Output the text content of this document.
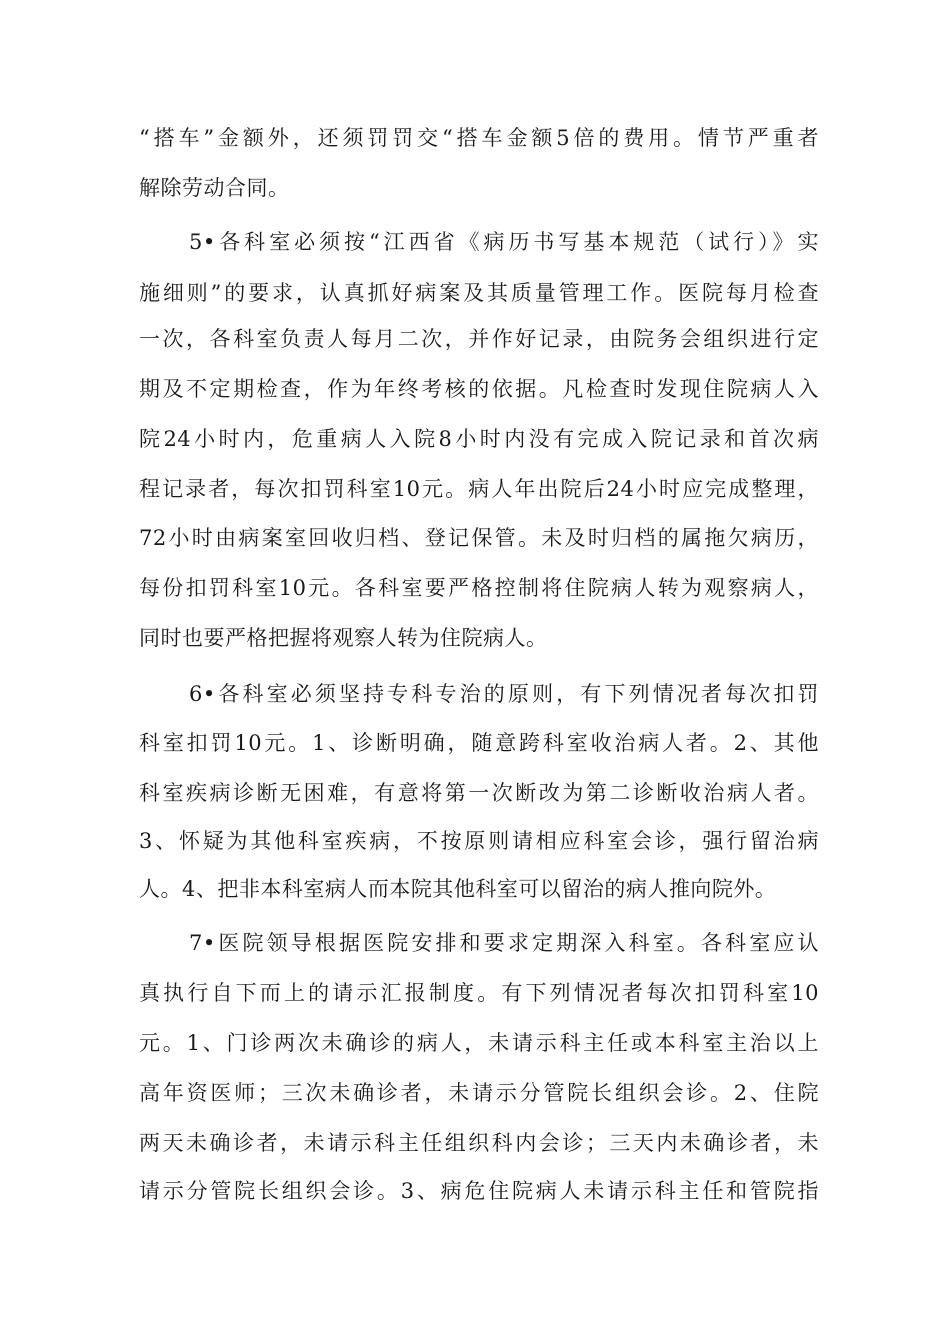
“搭车”金额外，还须罚罚交“搭车金额5倍的费用。情节严重者
解除劳动合同。
5•各科室必须按“江西省《病历书写基本规范（试行）》实
施细则”的要求，认真抓好病案及其质量管理工作。医院每月检查
一次，各科室负责人每月二次，并作好记录，由院务会组织进行定
期及不定期检查，作为年终考核的依据。凡检查时发现住院病人入
院24小时内，危重病人入院8小时内没有完成入院记录和首次病
程记录者，每次扣罚科室10元。病人年出院后24小时应完成整理，
72小时由病案室回收归档、登记保管。未及时归档的属拖欠病历，
每份扣罚科室10元。各科室要严格控制将住院病人转为观察病人，
同时也要严格把握将观察人转为住院病人。
6•各科室必须坚持专科专治的原则，有下列情况者每次扣罚
科室扣罚10元。1、诊断明确，随意跨科室收治病人者。2、其他
科室疾病诊断无困难，有意将第一次断改为第二诊断收治病人者。
3、怀疑为其他科室疾病，不按原则请相应科室会诊，强行留治病
人。4、把非本科室病人而本院其他科室可以留治的病人推向院外。
7•医院领导根据医院安排和要求定期深入科室。各科室应认
真执行自下而上的请示汇报制度。有下列情况者每次扣罚科室10
元。1、门诊两次未确诊的病人，未请示科主任或本科室主治以上
高年资医师；三次未确诊者，未请示分管院长组织会诊。2、住院
两天未确诊者，未请示科主任组织科内会诊；三天内未确诊者，未
请示分管院长组织会诊。3、病危住院病人未请示科主任和管院指
